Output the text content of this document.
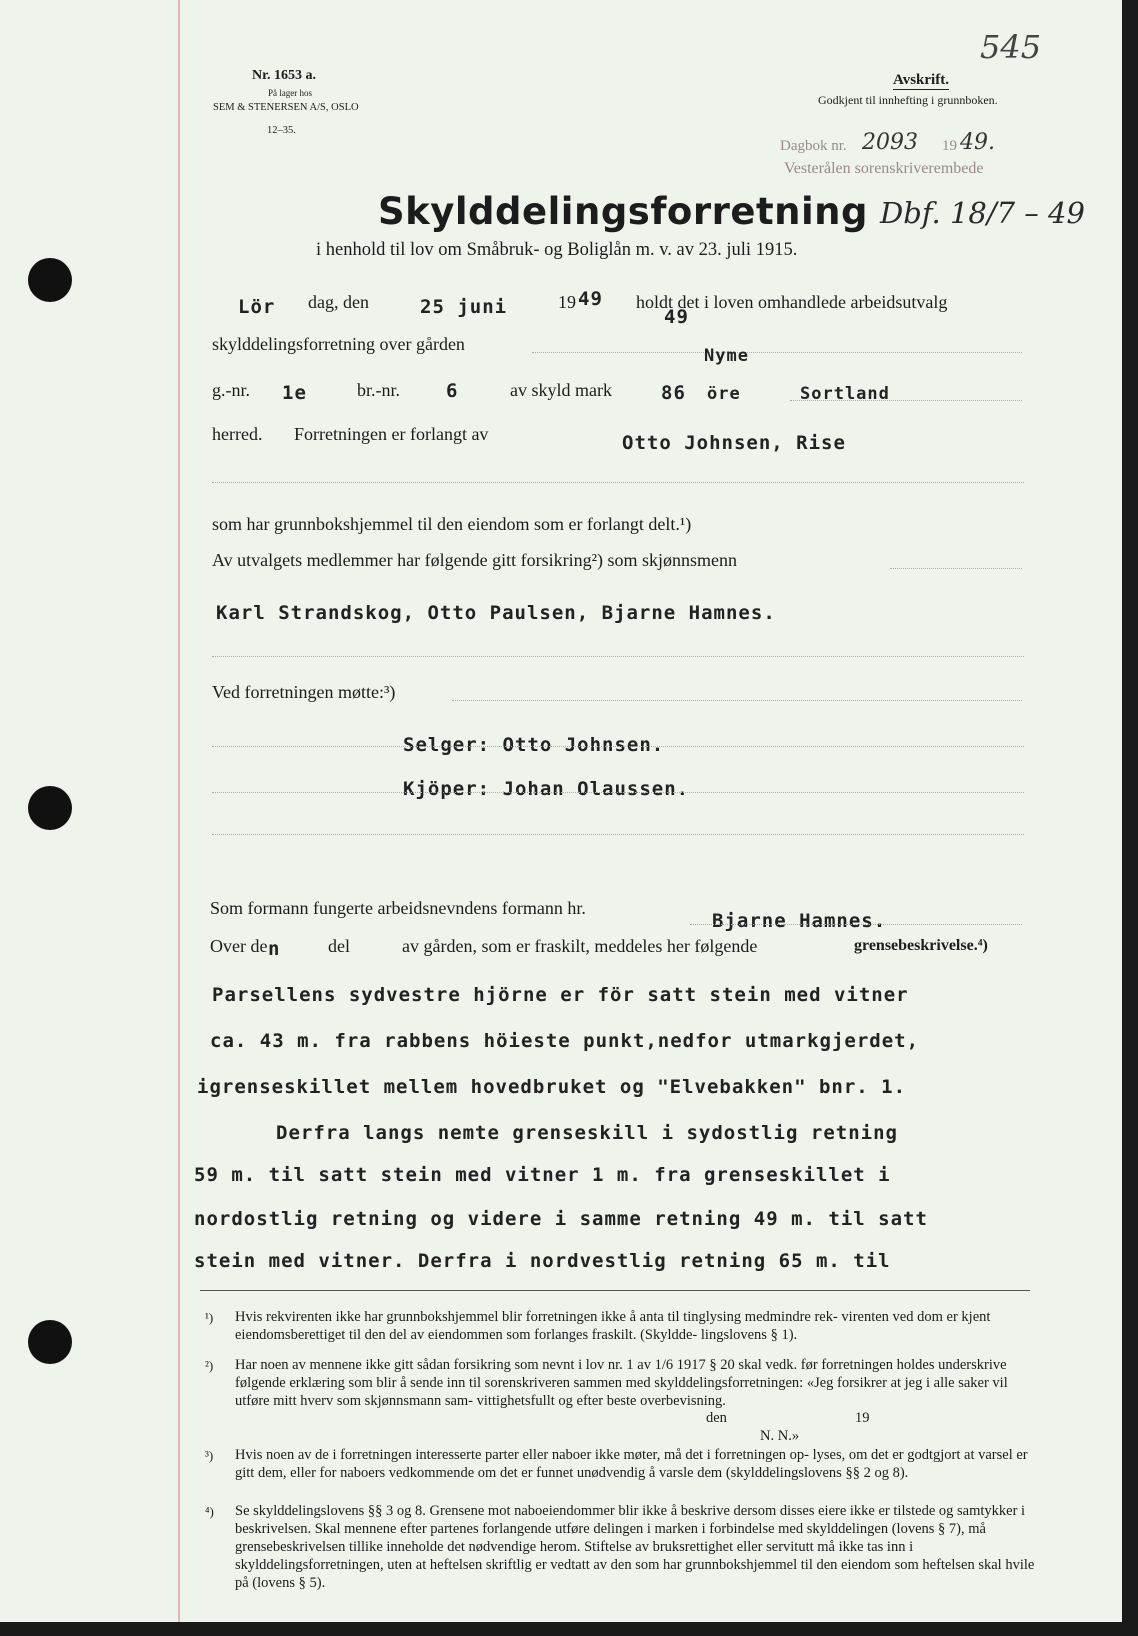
Nr. 1653 a.
På lager hos
SEM & STENERSEN A/S, OSLO
12–35.
Avskrift.
Godkjent til innhefting i grunnboken.
545
Dagbok nr. 2093 19 49.
Vesterålen sorenskriverembede
Skylddelingsforretning Dbf. 18/7 – 49
i henhold til lov om Småbruk- og Boliglån m. v. av 23. juli 1915.
Lör dag, den	25 juni	19 49 holdt det i loven omhandlede arbeidsutvalg
49
skylddelingsforretning over gården
Nyme
g.-nr. 1e	br.-nr. 6	av skyld mark	86 öre	Sortland
herred. Forretningen er forlangt av	Otto Johnsen, Rise
som har grunnbokshjemmel til den eiendom som er forlangt delt.¹)
Av utvalgets medlemmer har følgende gitt forsikring²) som skjønnsmenn
Karl Strandskog, Otto Paulsen, Bjarne Hamnes.
Ved forretningen møtte:³)
Selger: Otto Johnsen.
Kjöper: Johan Olaussen.
Som formann fungerte arbeidsnevndens formann hr.
Bjarne Hamnes.
Over de n	del	av gården, som er fraskilt, meddeles her følgende	grensebeskrivelse.⁴)
Parsellens sydvestre hjörne er för satt stein med vitner
ca. 43 m. fra rabbens höieste punkt,nedfor utmarkgjerdet,
igrenseskillet mellem hovedbruket og "Elvebakken" bnr. 1.
Derfra langs nemte grenseskill i sydostlig retning
59 m. til satt stein med vitner 1 m. fra grenseskillet i
nordostlig retning og videre i samme retning 49 m. til satt
stein med vitner. Derfra i nordvestlig retning 65 m. til
¹) Hvis rekvirenten ikke har grunnbokshjemmel blir forretningen ikke å anta til tinglysing medmindre rek- virenten ved dom er kjent eiendomsberettiget til den del av eiendommen som forlanges fraskilt. (Skyldde- lingslovens § 1).
²) Har noen av mennene ikke gitt sådan forsikring som nevnt i lov nr. 1 av 1/6 1917 § 20 skal vedk. før forretningen holdes underskrive følgende erklæring som blir å sende inn til sorenskriveren sammen med skylddelingsforretningen: «Jeg forsikrer at jeg i alle saker vil utføre mitt hverv som skjønnsmann sam- vittighetsfullt og efter beste overbevisning.
den	19
N. N.»
³) Hvis noen av de i forretningen interesserte parter eller naboer ikke møter, må det i forretningen op- lyses, om det er godtgjort at varsel er gitt dem, eller for naboers vedkommende om det er funnet unødvendig å varsle dem (skylddelingslovens §§ 2 og 8).
⁴) Se skylddelingslovens §§ 3 og 8. Grensene mot naboeiendommer blir ikke å beskrive dersom disses eiere ikke er tilstede og samtykker i beskrivelsen. Skal mennene efter partenes forlangende utføre delingen i marken i forbindelse med skylddelingen (lovens § 7), må grensebeskrivelsen tillike inneholde det nødvendige herom. Stiftelse av bruksrettighet eller servitutt må ikke tas inn i skylddelingsforretningen, uten at heftelsen skriftlig er vedtatt av den som har grunnbokshjemmel til den eiendom som heftelsen skal hvile på (lovens § 5).
